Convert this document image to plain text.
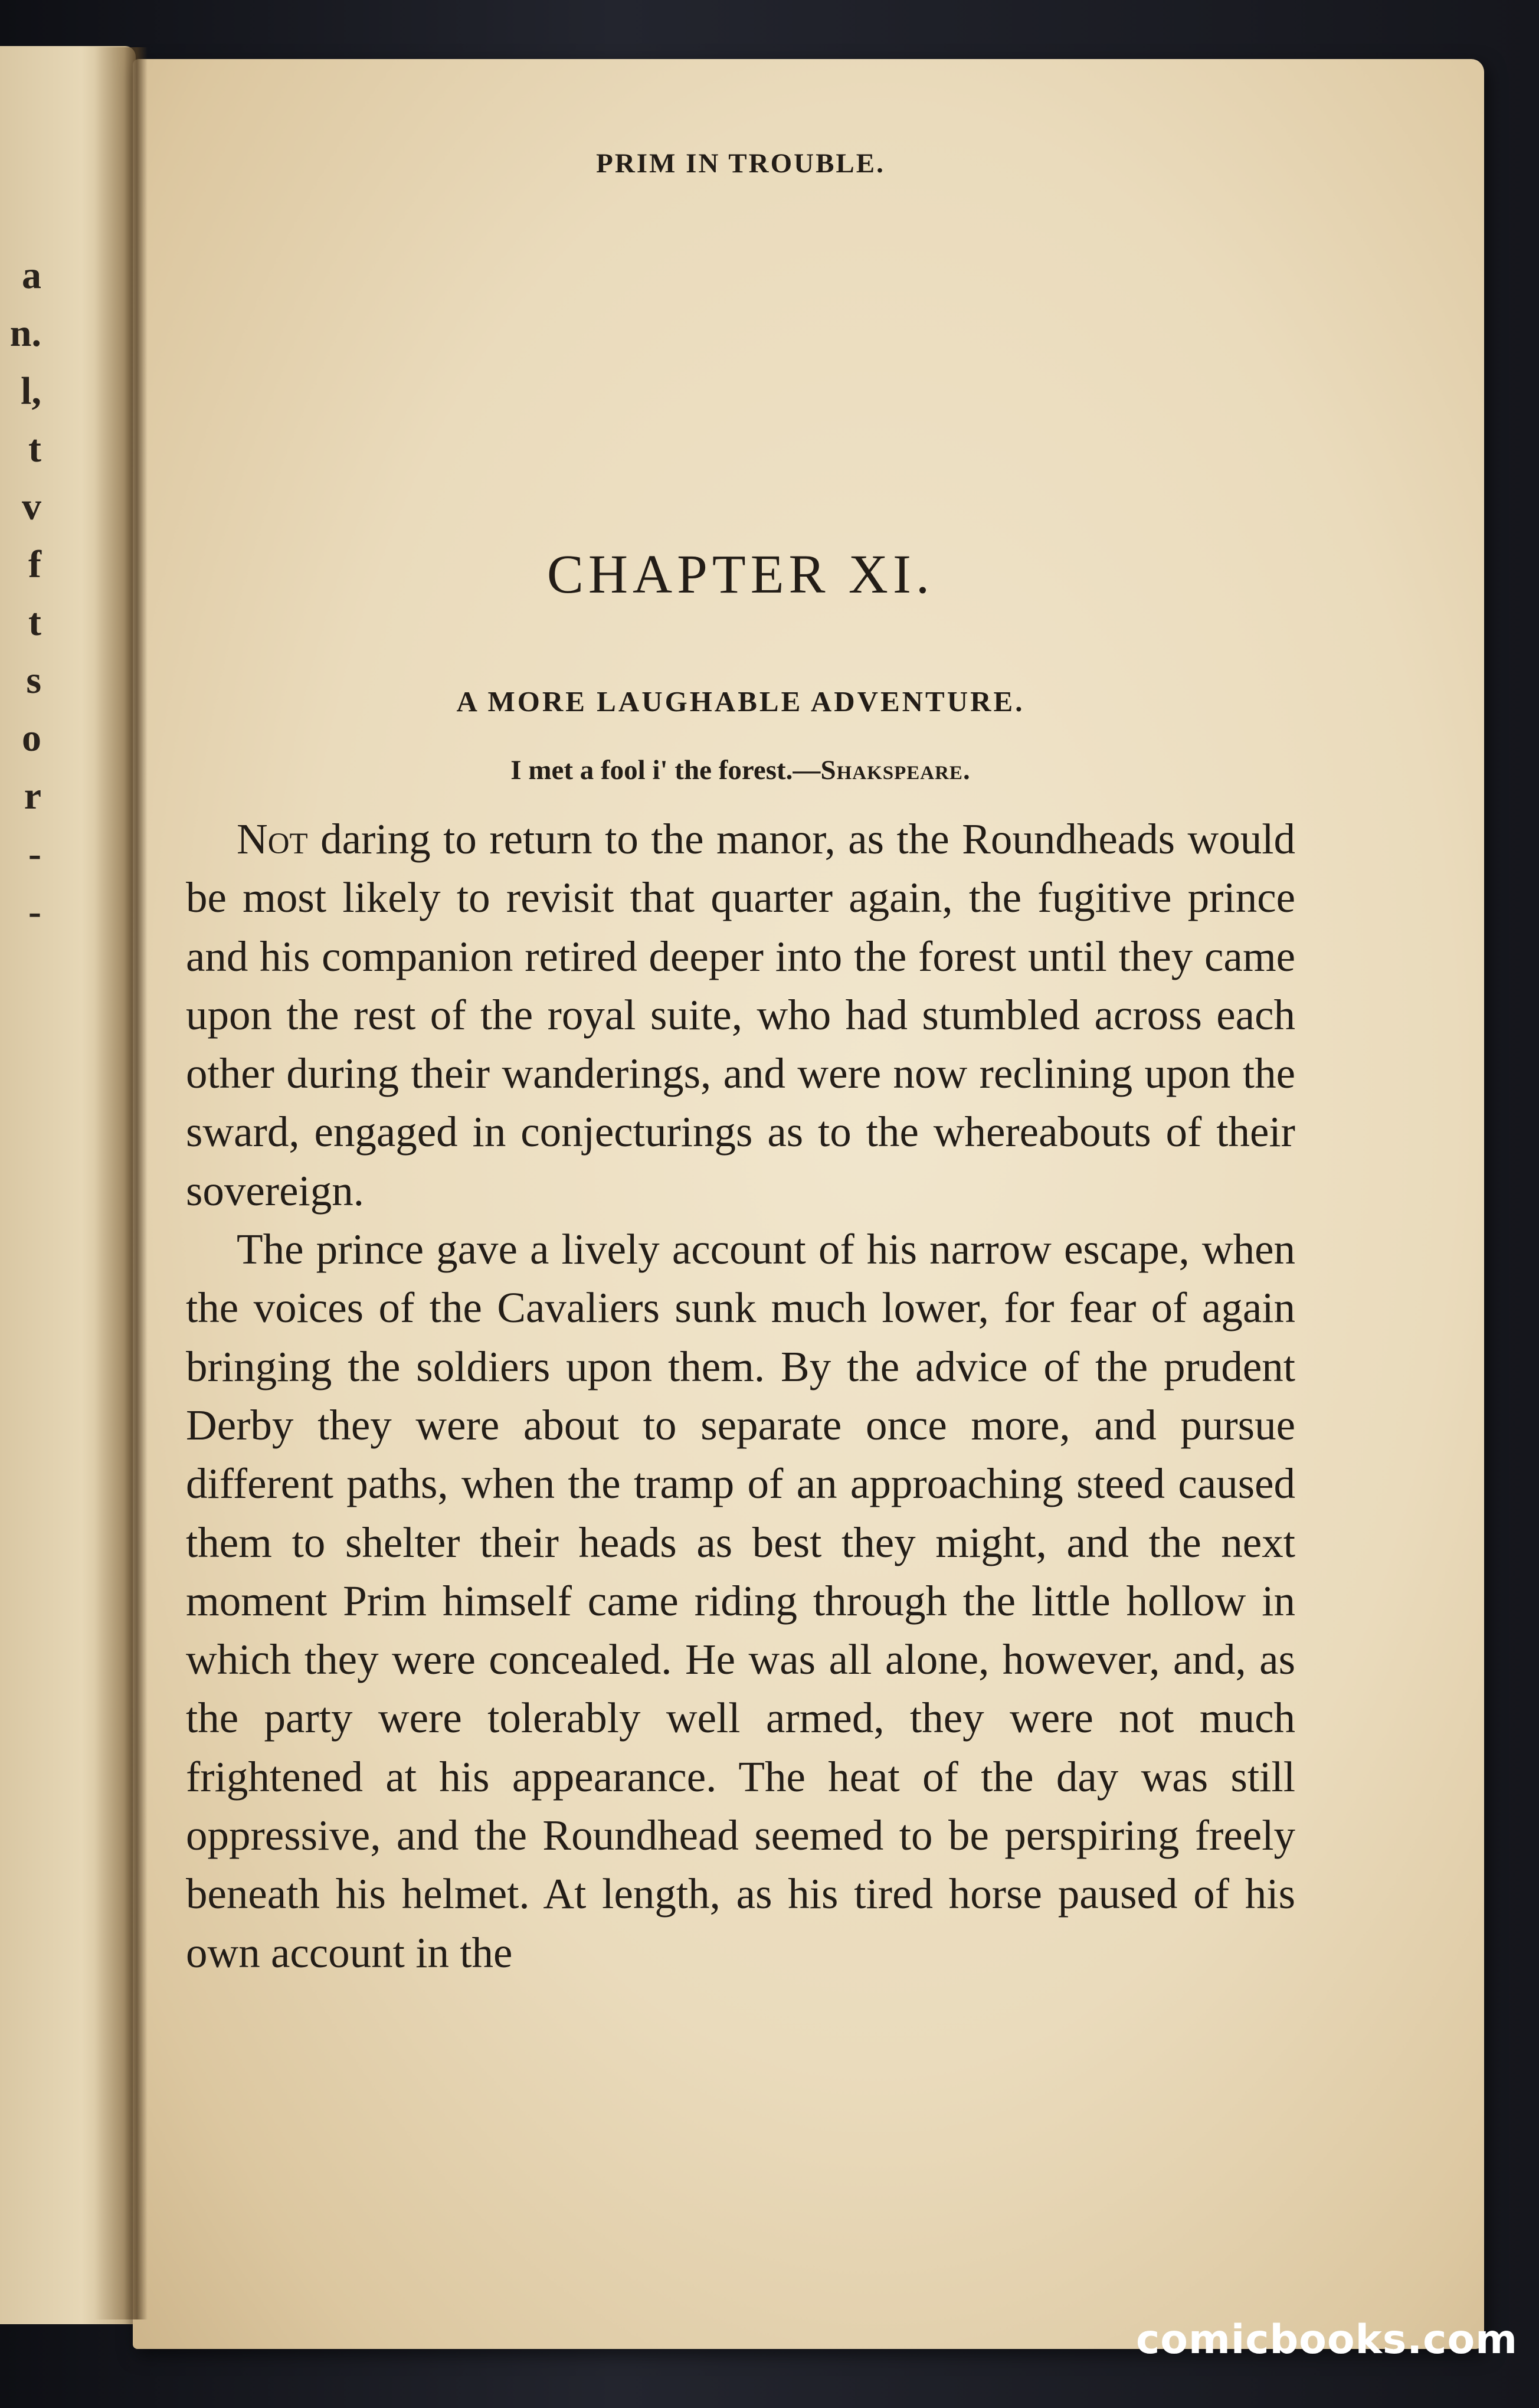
a
n.
l,
t
v
f
t
s
o
r
-
-
PRIM IN TROUBLE.
CHAPTER XI.
A MORE LAUGHABLE ADVENTURE.
I met a fool i' the forest.—Shakspeare.

Not daring to return to the manor, as the Roundheads would be most likely to revisit that quarter again, the fugitive prince and his companion retired deeper into the forest until they came upon the rest of the royal suite, who had stumbled across each other during their wanderings, and were now reclining upon the sward, engaged in conjecturings as to the whereabouts of their sovereign.

The prince gave a lively account of his narrow escape, when the voices of the Cavaliers sunk much lower, for fear of again bringing the soldiers upon them. By the advice of the prudent Derby they were about to separate once more, and pursue different paths, when the tramp of an approaching steed caused them to shelter their heads as best they might, and the next moment Prim himself came riding through the little hollow in which they were concealed. He was all alone, however, and, as the party were tolerably well armed, they were not much frightened at his appearance. The heat of the day was still oppressive, and the Roundhead seemed to be perspiring freely beneath his helmet. At length, as his tired horse paused of his own account in the

comicbooks.com
